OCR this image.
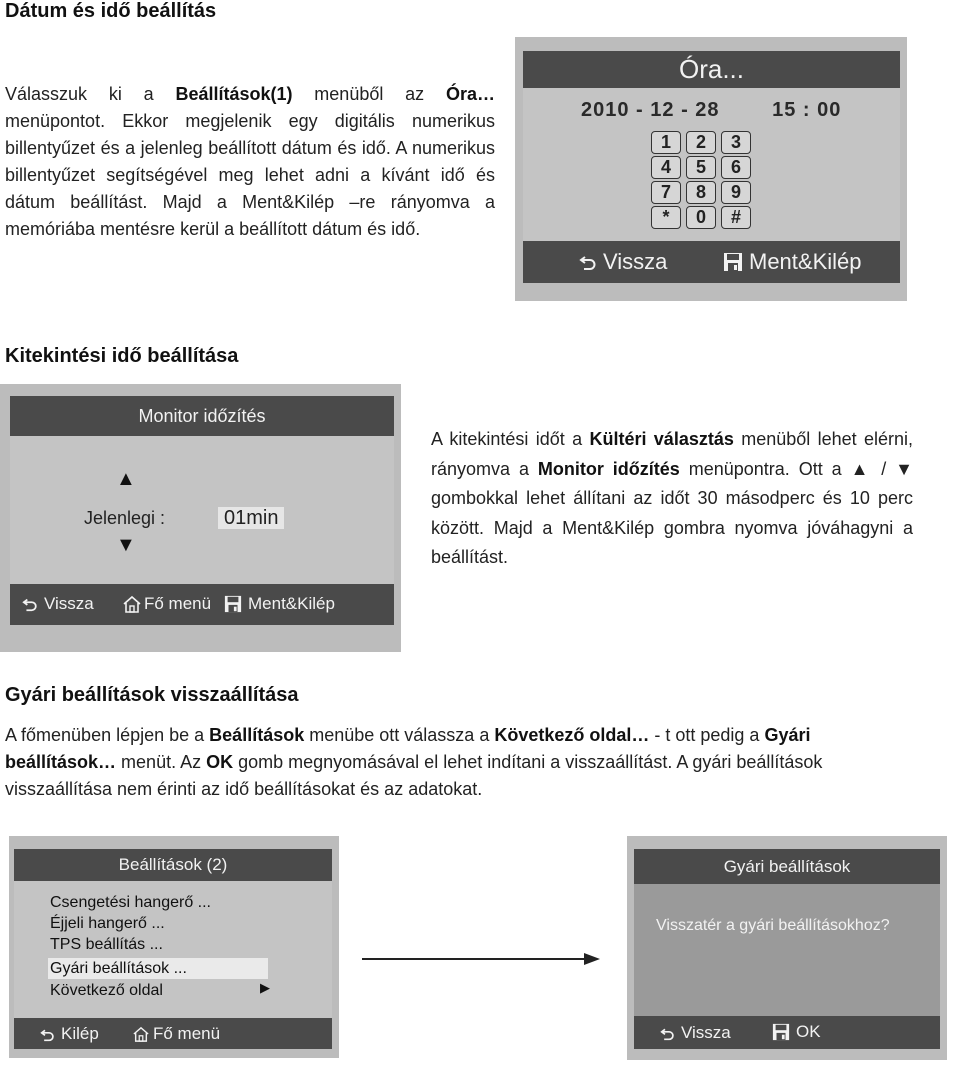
Dátum és idő beállítás
Válasszuk ki a Beállítások(1) menüből az Óra… menüpontot. Ekkor megjelenik egy digitális numerikus billentyűzet és a jelenleg beállított dátum és idő. A numerikus billentyűzet segítségével meg lehet adni a kívánt idő és dátum beállítást. Majd a Ment&Kilép –re rányomva a memóriába mentésre kerül a beállított dátum és idő.
Óra...
2010 - 12 - 28	15 : 00
1	2	3
4	5	6
7	8	9
*	0	#
Vissza	Ment&Kilép
Kitekintési idő beállítása
Monitor időzítés
▲
Jelenlegi :	01min
▼
Vissza	Fő menü Ment&Kilép
A kitekintési időt a Kültéri választás menüből lehet elérni, rányomva a Monitor időzítés menüpontra. Ott a ▲ / ▼ gombokkal lehet állítani az időt 30 másodperc és 10 perc között. Majd a Ment&Kilép gombra nyomva jóváhagyni a beállítást.
Gyári beállítások visszaállítása
A főmenüben lépjen be a Beállítások menübe ott válassza a Következő oldal… - t ott pedig a Gyári beállítások… menüt. Az OK gomb megnyomásával el lehet indítani a visszaállítást. A gyári beállítások visszaállítása nem érinti az idő beállításokat és az adatokat.
Beállítások (2)
Csengetési hangerő ...
Éjjeli hangerő ...
TPS beállítás ...
Gyári beállítások ...
Következő oldal	▶
Kilép	Fő menü
Gyári beállítások
Visszatér a gyári beállításokhoz?
Vissza	OK
